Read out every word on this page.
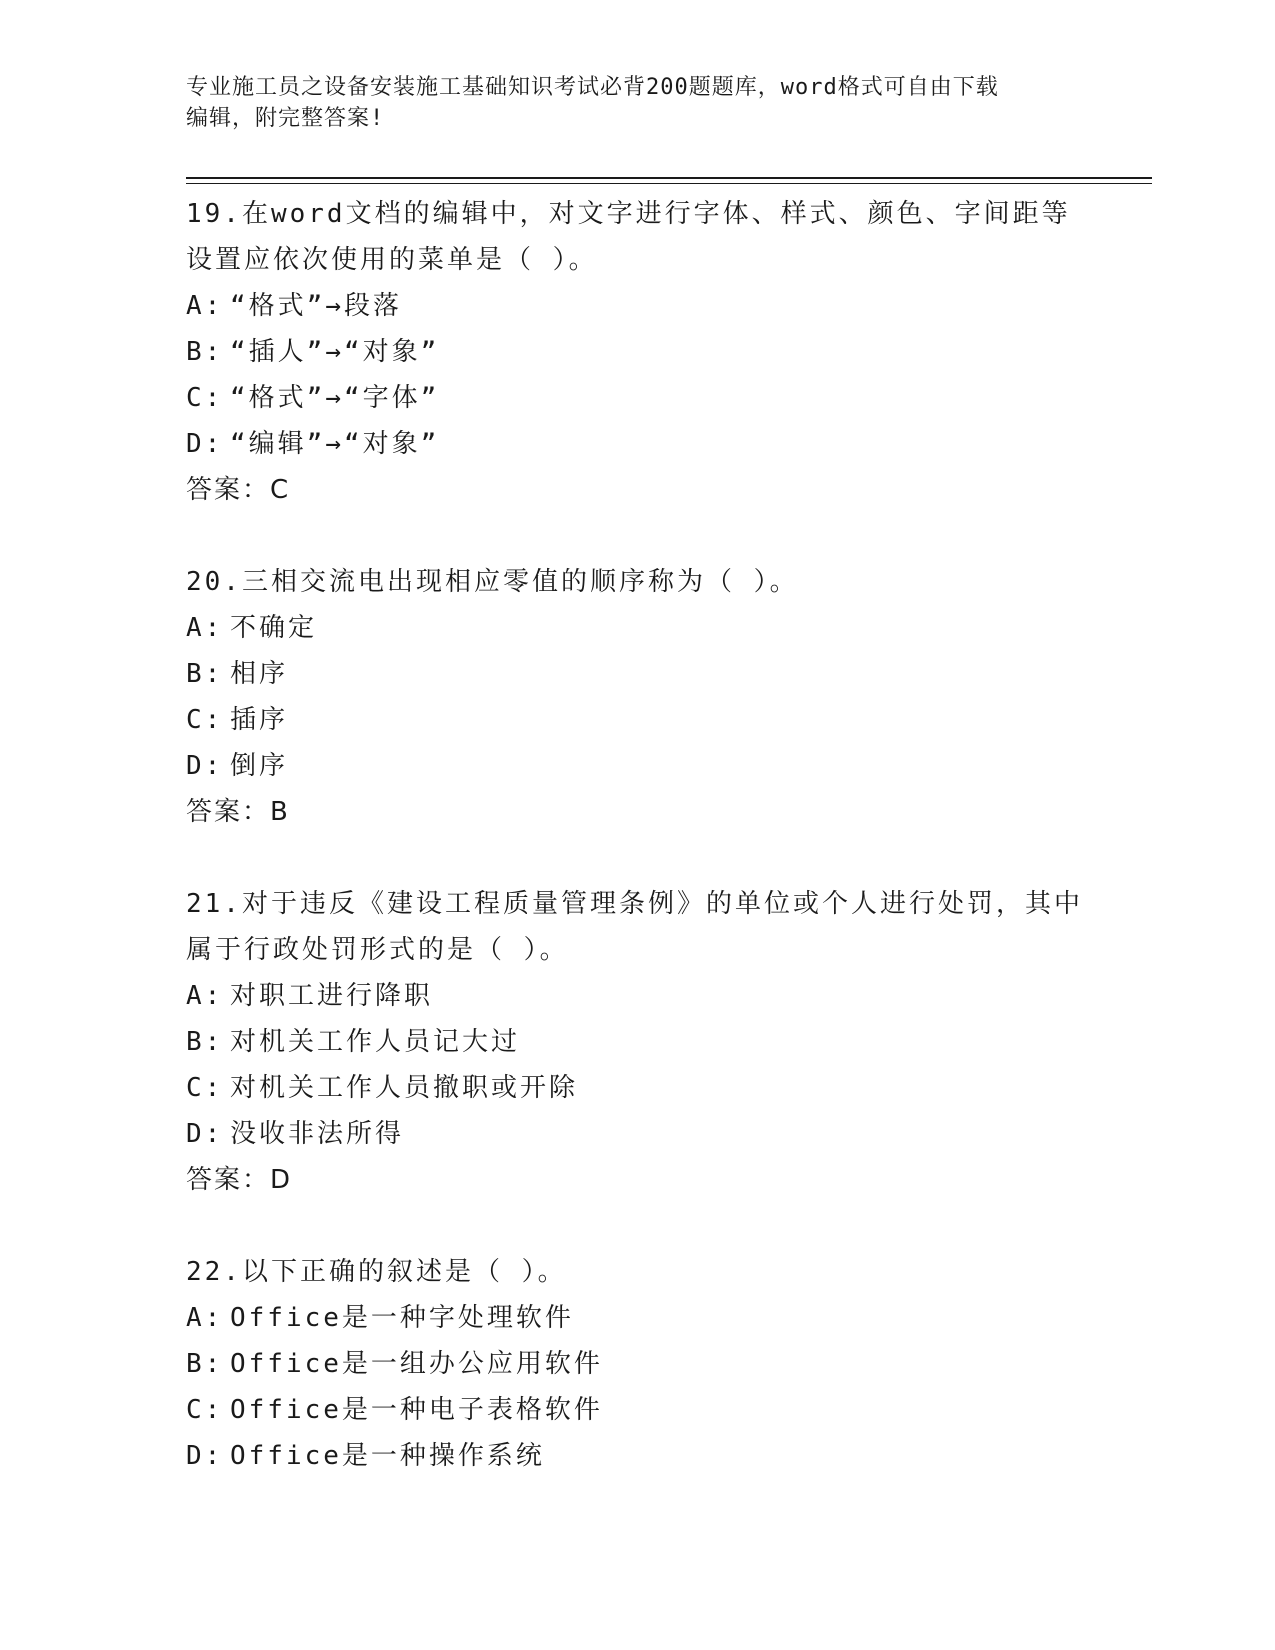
专业施工员之设备安装施工基础知识考试必背200题题库，word格式可自由下载
编辑，附完整答案!
19.在word文档的编辑中，对文字进行字体、样式、颜色、字间距等
设置应依次使用的菜单是（ ）。
A: “格式”→段落
B: “插人”→“对象”
C: “格式”→“字体”
D: “编辑”→“对象”
答案：C
20.三相交流电出现相应零值的顺序称为（ ）。
A: 不确定
B: 相序
C: 插序
D: 倒序
答案：B
21.对于违反《建设工程质量管理条例》的单位或个人进行处罚，其中
属于行政处罚形式的是（ ）。
A: 对职工进行降职
B: 对机关工作人员记大过
C: 对机关工作人员撤职或开除
D: 没收非法所得
答案：D
22.以下正确的叙述是（ ）。
A: Office是一种字处理软件
B: Office是一组办公应用软件
C: Office是一种电子表格软件
D: Office是一种操作系统
